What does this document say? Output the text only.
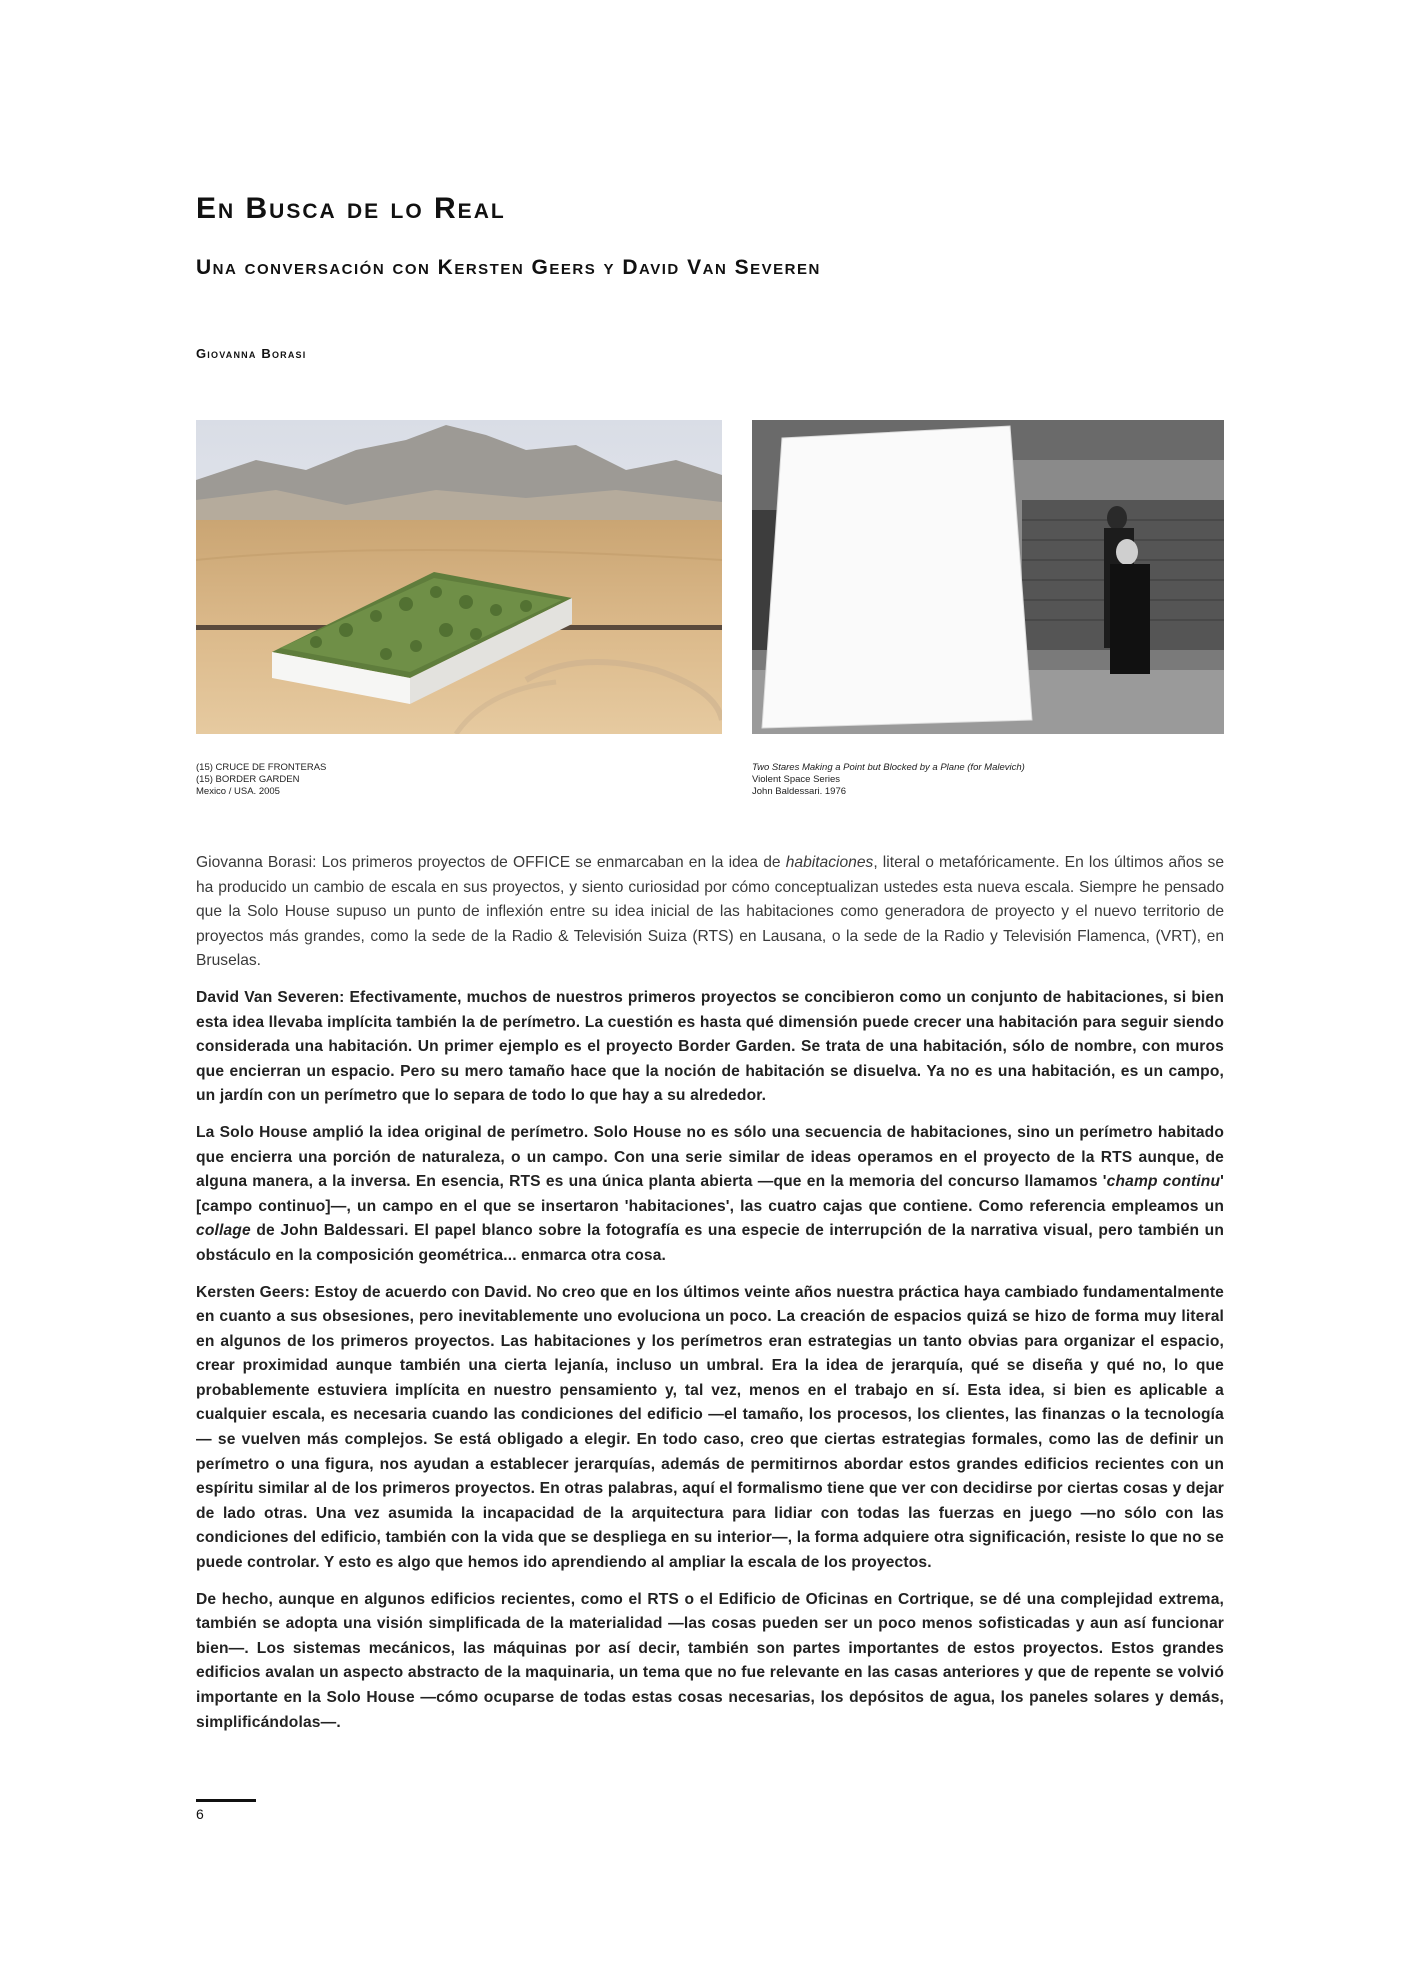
En Busca de lo Real
Una conversación con Kersten Geers y David Van Severen
Giovanna Borasi
(15) CRUCE DE FRONTERAS
(15) BORDER GARDEN
Mexico / USA. 2005
Two Stares Making a Point but Blocked by a Plane (for Malevich)
Violent Space Series
John Baldessari. 1976

Giovanna Borasi: Los primeros proyectos de OFFICE se enmarcaban en la idea de habitaciones, literal o metafóricamente. En los últimos años se ha producido un cambio de escala en sus proyectos, y siento curiosidad por cómo conceptualizan ustedes esta nueva escala. Siempre he pensado que la Solo House supuso un punto de inflexión entre su idea inicial de las habitaciones como generadora de proyecto y el nuevo territorio de proyectos más grandes, como la sede de la Radio & Televisión Suiza (RTS) en Lausana, o la sede de la Radio y Televisión Flamenca, (VRT), en Bruselas.

David Van Severen: Efectivamente, muchos de nuestros primeros proyectos se concibieron como un conjunto de habitaciones, si bien esta idea llevaba implícita también la de perímetro. La cuestión es hasta qué dimensión puede crecer una habitación para seguir siendo considerada una habitación. Un primer ejemplo es el proyecto Border Garden. Se trata de una habitación, sólo de nombre, con muros que encierran un espacio. Pero su mero tamaño hace que la noción de habitación se disuelva. Ya no es una habitación, es un campo, un jardín con un perímetro que lo separa de todo lo que hay a su alrededor.

La Solo House amplió la idea original de perímetro. Solo House no es sólo una secuencia de habitaciones, sino un perímetro habitado que encierra una porción de naturaleza, o un campo. Con una serie similar de ideas operamos en el proyecto de la RTS aunque, de alguna manera, a la inversa. En esencia, RTS es una única planta abierta —que en la memoria del concurso llamamos 'champ continu' [campo continuo]—, un campo en el que se insertaron 'habitaciones', las cuatro cajas que contiene. Como referencia empleamos un collage de John Baldessari. El papel blanco sobre la fotografía es una especie de interrupción de la narrativa visual, pero también un obstáculo en la composición geométrica... enmarca otra cosa.

Kersten Geers: Estoy de acuerdo con David. No creo que en los últimos veinte años nuestra práctica haya cambiado fundamentalmente en cuanto a sus obsesiones, pero inevitablemente uno evoluciona un poco. La creación de espacios quizá se hizo de forma muy literal en algunos de los primeros proyectos. Las habitaciones y los perímetros eran estrategias un tanto obvias para organizar el espacio, crear proximidad aunque también una cierta lejanía, incluso un umbral. Era la idea de jerarquía, qué se diseña y qué no, lo que probablemente estuviera implícita en nuestro pensamiento y, tal vez, menos en el trabajo en sí. Esta idea, si bien es aplicable a cualquier escala, es necesaria cuando las condiciones del edificio —el tamaño, los procesos, los clientes, las finanzas o la tecnología— se vuelven más complejos. Se está obligado a elegir. En todo caso, creo que ciertas estrategias formales, como las de definir un perímetro o una figura, nos ayudan a establecer jerarquías, además de permitirnos abordar estos grandes edificios recientes con un espíritu similar al de los primeros proyectos. En otras palabras, aquí el formalismo tiene que ver con decidirse por ciertas cosas y dejar de lado otras. Una vez asumida la incapacidad de la arquitectura para lidiar con todas las fuerzas en juego —no sólo con las condiciones del edificio, también con la vida que se despliega en su interior—, la forma adquiere otra significación, resiste lo que no se puede controlar. Y esto es algo que hemos ido aprendiendo al ampliar la escala de los proyectos.

De hecho, aunque en algunos edificios recientes, como el RTS o el Edificio de Oficinas en Cortrique, se dé una complejidad extrema, también se adopta una visión simplificada de la materialidad —las cosas pueden ser un poco menos sofisticadas y aun así funcionar bien—. Los sistemas mecánicos, las máquinas por así decir, también son partes importantes de estos proyectos. Estos grandes edificios avalan un aspecto abstracto de la maquinaria, un tema que no fue relevante en las casas anteriores y que de repente se volvió importante en la Solo House —cómo ocuparse de todas estas cosas necesarias, los depósitos de agua, los paneles solares y demás, simplificándolas—.

6
